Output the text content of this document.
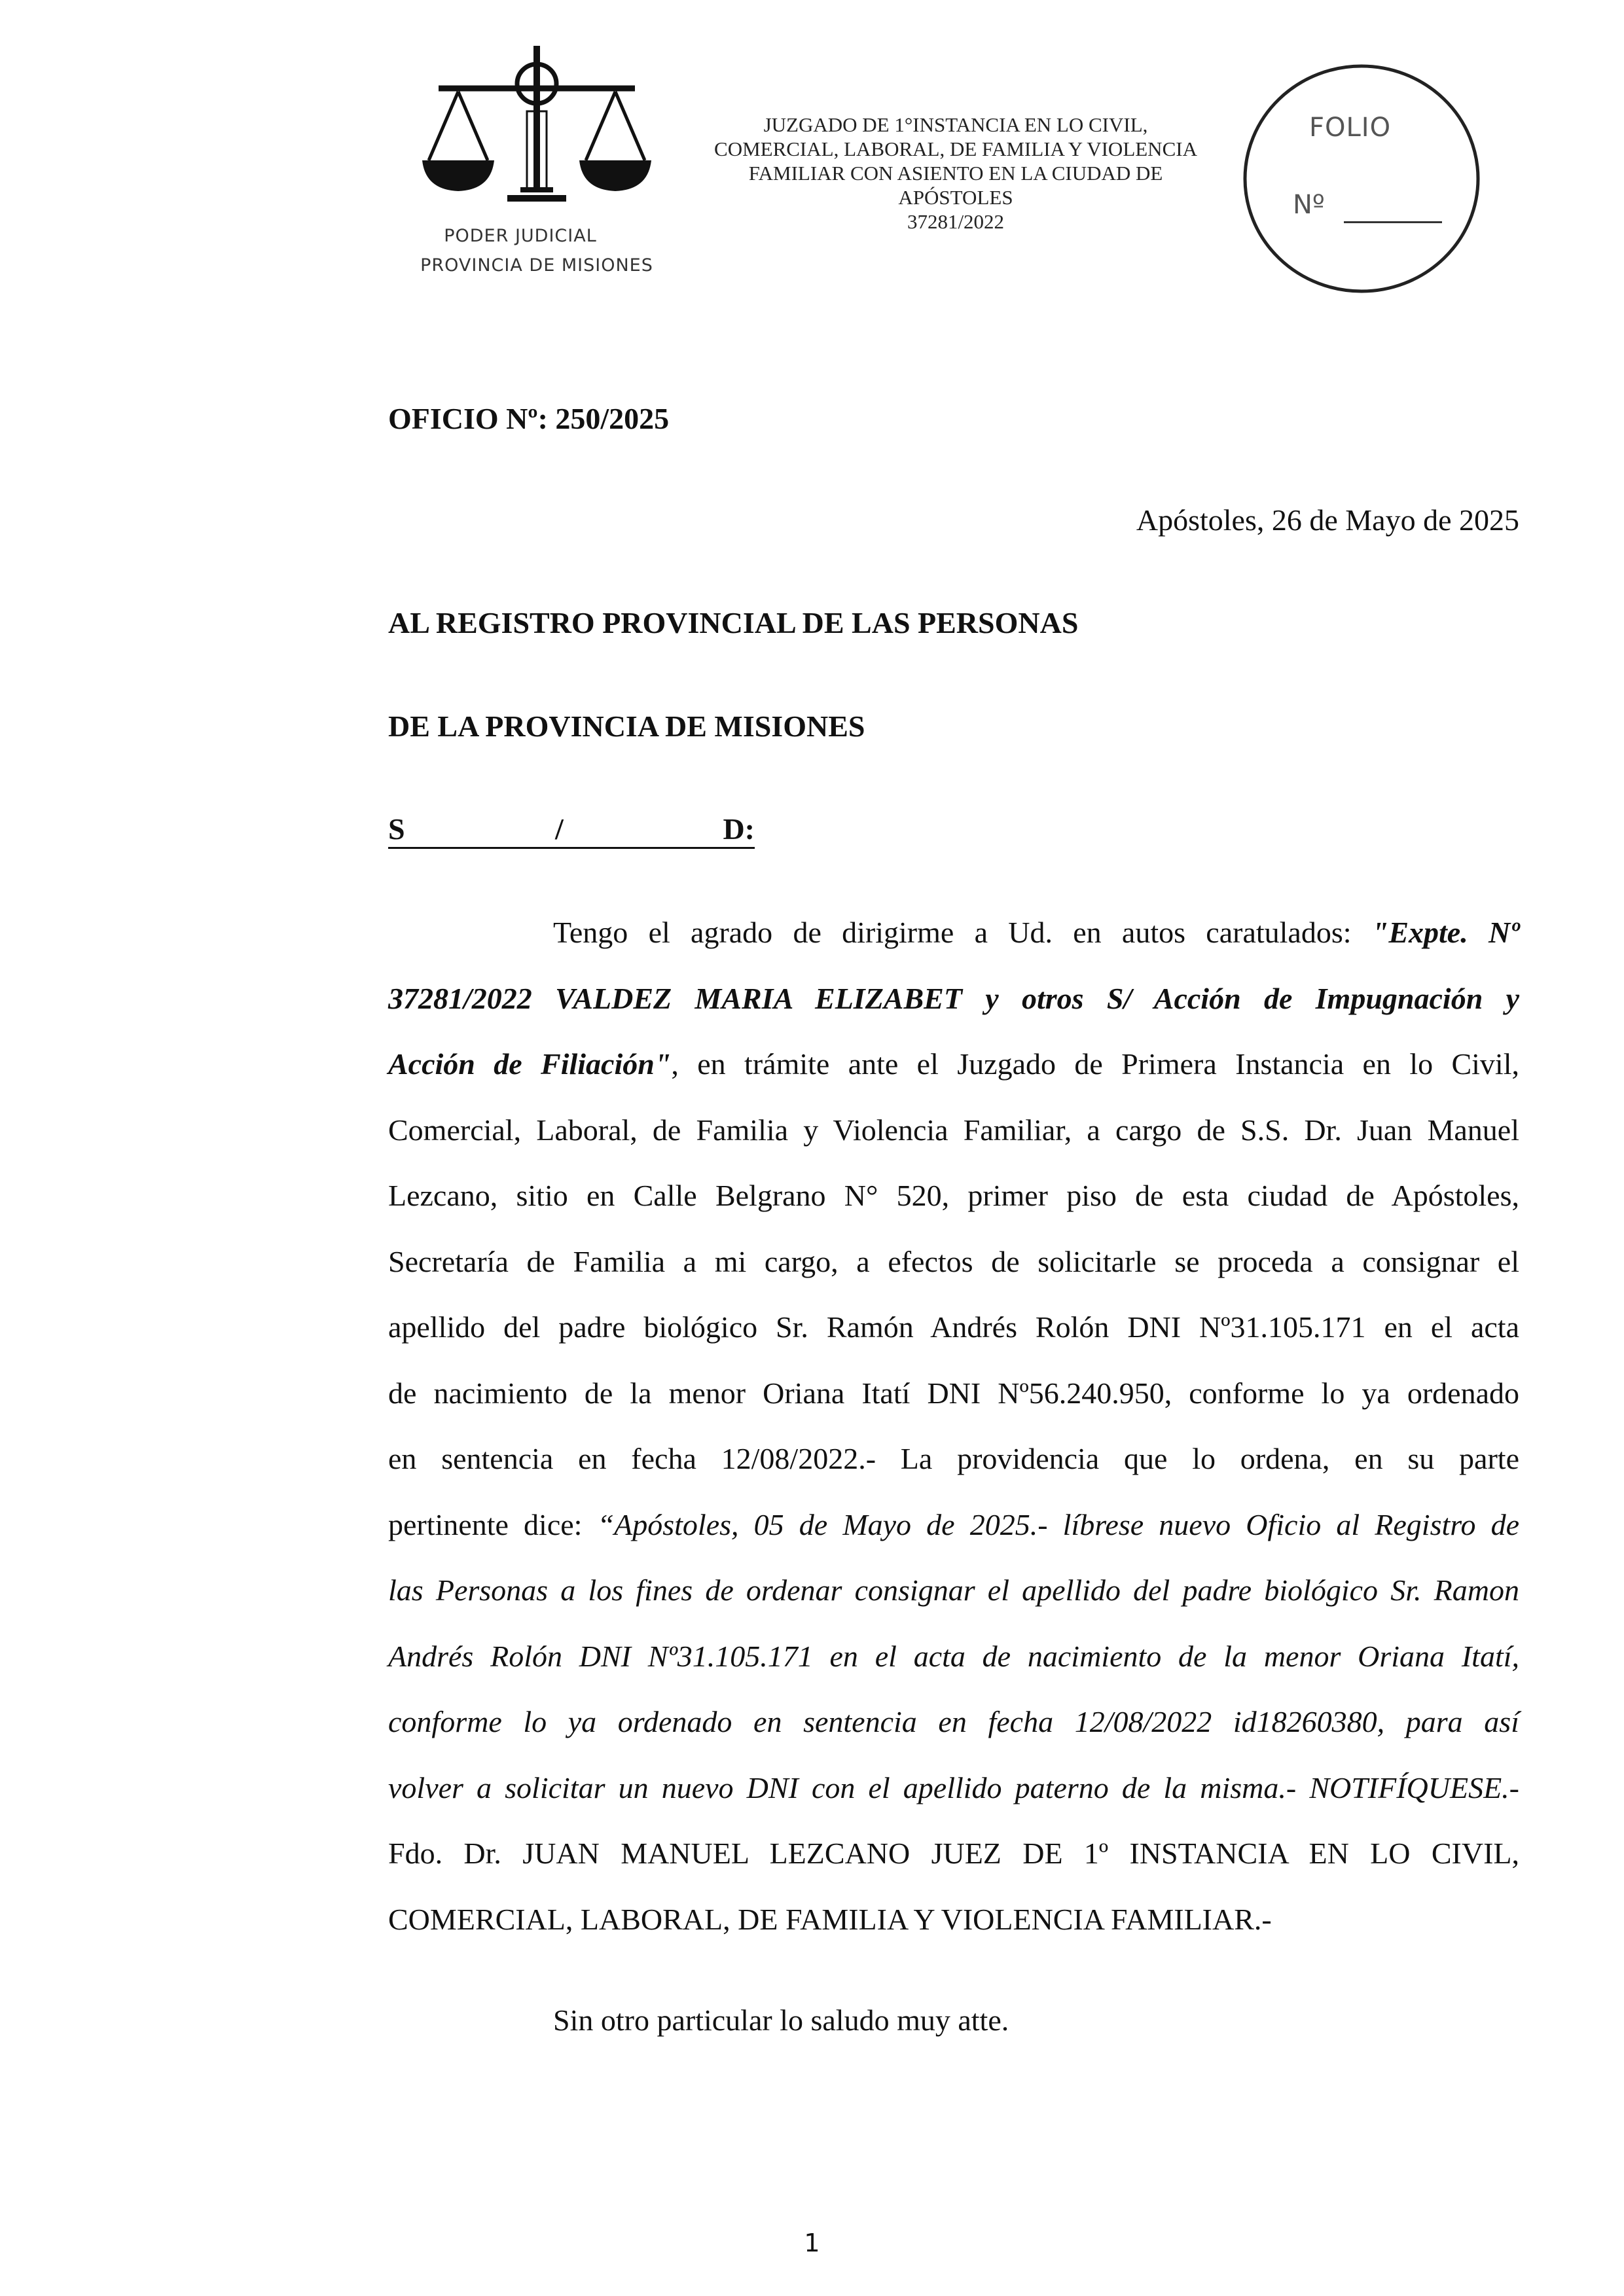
PODER JUDICIAL
PROVINCIA DE MISIONES
JUZGADO DE 1°INSTANCIA EN LO CIVIL,
COMERCIAL, LABORAL, DE FAMILIA Y VIOLENCIA
FAMILIAR CON ASIENTO EN LA CIUDAD DE
APÓSTOLES
37281/2022
FOLIO
Nº
OFICIO Nº: 250/2025
Apóstoles, 26 de Mayo de 2025
AL REGISTRO PROVINCIAL DE LAS PERSONAS
DE LA PROVINCIA DE MISIONES
S	/	D:
Tengo el agrado de dirigirme a Ud. en autos caratulados: "Expte. Nº
37281/2022 VALDEZ MARIA ELIZABET y otros S/ Acción de Impugnación y
Acción de Filiación", en trámite ante el Juzgado de Primera Instancia en lo Civil,
Comercial, Laboral, de Familia y Violencia Familiar, a cargo de S.S. Dr. Juan Manuel
Lezcano, sitio en Calle Belgrano N° 520, primer piso de esta ciudad de Apóstoles,
Secretaría de Familia a mi cargo, a efectos de solicitarle se proceda a consignar el
apellido del padre biológico Sr. Ramón Andrés Rolón DNI Nº31.105.171 en el acta
de nacimiento de la menor Oriana Itatí DNI Nº56.240.950, conforme lo ya ordenado
en sentencia en fecha 12/08/2022.- La providencia que lo ordena, en su parte
pertinente dice: “Apóstoles, 05 de Mayo de 2025.- líbrese nuevo Oficio al Registro de
las Personas a los fines de ordenar consignar el apellido del padre biológico Sr. Ramon
Andrés Rolón DNI Nº31.105.171 en el acta de nacimiento de la menor Oriana Itatí,
conforme lo ya ordenado en sentencia en fecha 12/08/2022 id18260380, para así
volver a solicitar un nuevo DNI con el apellido paterno de la misma.- NOTIFÍQUESE.-
Fdo. Dr. JUAN MANUEL LEZCANO JUEZ DE 1º INSTANCIA EN LO CIVIL,
COMERCIAL, LABORAL, DE FAMILIA Y VIOLENCIA FAMILIAR.-
Sin otro particular lo saludo muy atte.
1
